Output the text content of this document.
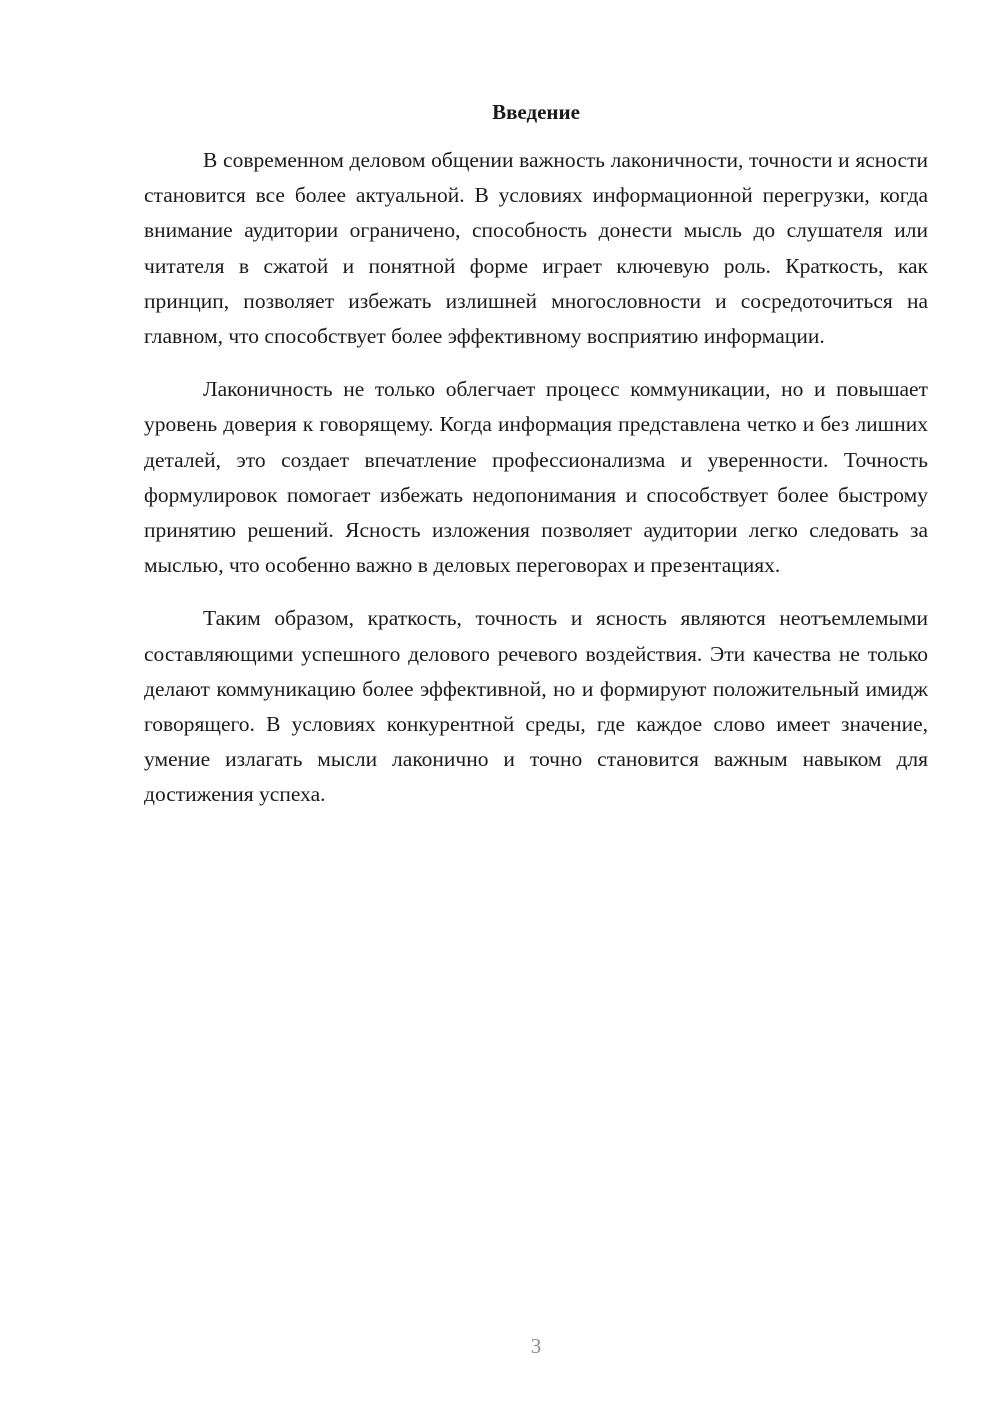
Введение

В современном деловом общении важность лаконичности, точности и ясности становится все более актуальной. В условиях информационной перегрузки, когда внимание аудитории ограничено, способность донести мысль до слушателя или читателя в сжатой и понятной форме играет ключевую роль. Краткость, как принцип, позволяет избежать излишней многословности и сосредоточиться на главном, что способствует более эффективному восприятию информации.

Лаконичность не только облегчает процесс коммуникации, но и повышает уровень доверия к говорящему. Когда информация представлена четко и без лишних деталей, это создает впечатление профессионализма и уверенности. Точность формулировок помогает избежать недопонимания и способствует более быстрому принятию решений. Ясность изложения позволяет аудитории легко следовать за мыслью, что особенно важно в деловых переговорах и презентациях.

Таким образом, краткость, точность и ясность являются неотъемлемыми составляющими успешного делового речевого воздействия. Эти качества не только делают коммуникацию более эффективной, но и формируют положительный имидж говорящего. В условиях конкурентной среды, где каждое слово имеет значение, умение излагать мысли лаконично и точно становится важным навыком для достижения успеха.

3
